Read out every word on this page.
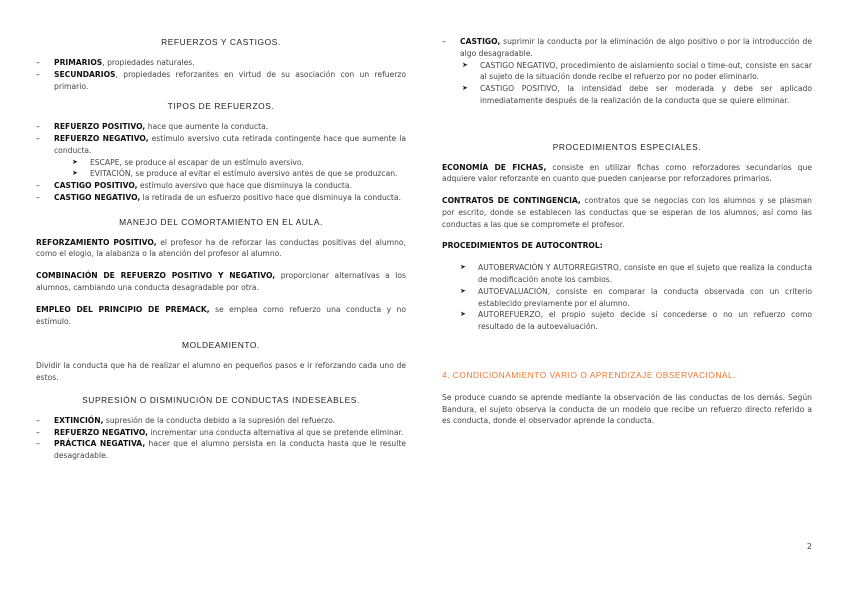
REFUERZOS Y CASTIGOS.
– PRIMARIOS, propiedades naturales.
– SECUNDARIOS, propiedades reforzantes en virtud de su asociación con un refuerzo primario.
TIPOS DE REFUERZOS.
– REFUERZO POSITIVO, hace que aumente la conducta.
– REFUERZO NEGATIVO, estímulo aversivo cuta retirada contingente hace que aumente la conducta.
➤ ESCAPE, se produce al escapar de un estímulo aversivo.
➤ EVITACIÓN, se produce al evitar el estímulo aversivo antes de que se produzcan.
– CASTIGO POSITIVO, estímulo aversivo que hace que disminuya la conducta.
– CASTIGO NEGATIVO, la retirada de un esfuerzo positivo hace que disminuya la conducta.
MANEJO DEL COMORTAMIENTO EN EL AULA.

REFORZAMIENTO POSITIVO, el profesor ha de reforzar las conductas positivas del alumno, como el elogio, la alabanza o la atención del profesor al alumno.

COMBINACIÓN DE REFUERZO POSITIVO Y NEGATIVO, proporcionar alternativas a los alumnos, cambiando una conducta desagradable por otra.

EMPLEO DEL PRINCIPIO DE PREMACK, se emplea como refuerzo una conducta y no estímulo.

MOLDEAMIENTO.

Dividir la conducta que ha de realizar el alumno en pequeños pasos e ir reforzando cada uno de estos.

SUPRESIÓN O DISMINUCIÓN DE CONDUCTAS INDESEABLES.
– EXTINCIÓN, supresión de la conducta debido a la supresión del refuerzo.
– REFUERZO NEGATIVO, incrementar una conducta alternativa al que se pretende eliminar.
– PRÁCTICA NEGATIVA, hacer que el alumno persista en la conducta hasta que le resulte desagradable.
– CASTIGO, suprimir la conducta por la eliminación de algo positivo o por la introducción de algo desagradable.
➤ CASTIGO NEGATIVO, procedimiento de aislamiento social o time-out, consiste en sacar al sujeto de la situación donde recibe el refuerzo por no poder eliminarlo.
➤ CASTIGO POSITIVO, la intensidad debe ser moderada y debe ser aplicado inmediatamente después de la realización de la conducta que se quiere eliminar.
PROCEDIMIENTOS ESPECIALES.

ECONOMÍA DE FICHAS, consiste en utilizar fichas como reforzadores secundarios que adquiere valor reforzante en cuanto que pueden canjearse por reforzadores primarios.

CONTRATOS DE CONTINGENCIA, contratos que se negocias con los alumnos y se plasman por escrito, donde se establecen las conductas que se esperan de los alumnos, así como las conductas a las que se compromete el profesor.

PROCEDIMIENTOS DE AUTOCONTROL:

➤ AUTOBERVACIÓN Y AUTORREGISTRO, consiste en que el sujeto que realiza la conducta de modificación anote los cambios.
➤ AUTOEVALUACIÓN, consiste en comparar la conducta observada con un criterio establecido previamente por el alumno.
➤ AUTOREFUERZO, el propio sujeto decide si concederse o no un refuerzo como resultado de la autoevaluación.
4. CONDICIONAMIENTO VARIO O APRENDIZAJE OBSERVACIONAL.

Se produce cuando se aprende mediante la observación de las conductas de los demás. Según Bandura, el sujeto observa la conducta de un modelo que recibe un refuerzo directo referido a es conducta, donde el observador aprende la conducta.

2
